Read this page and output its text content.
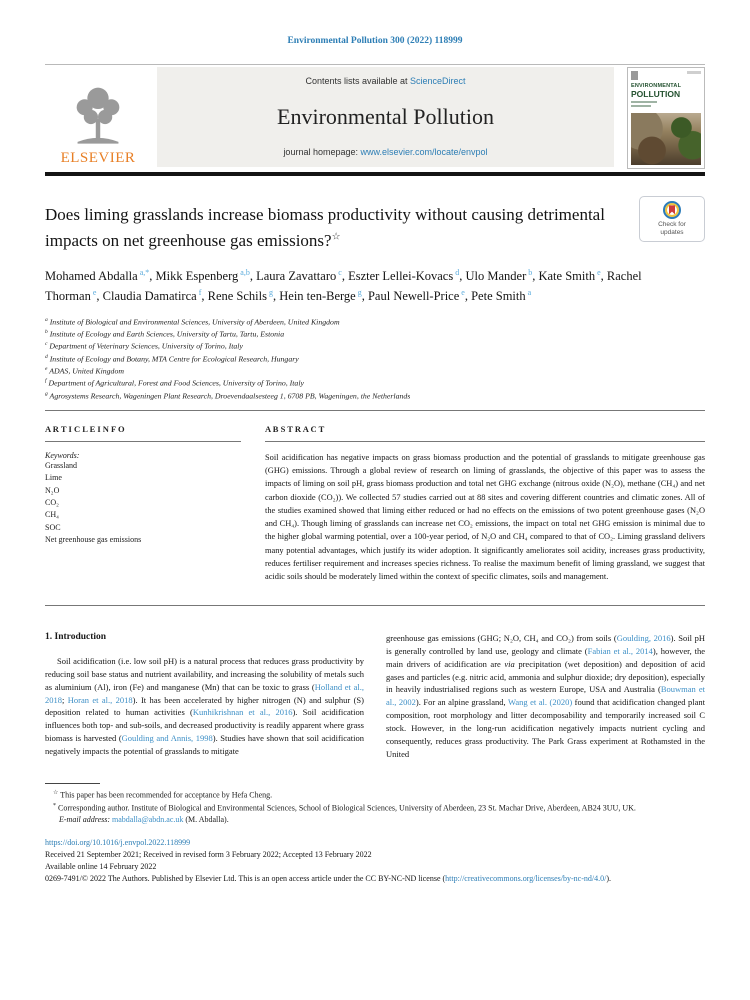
Environmental Pollution 300 (2022) 118999
ELSEVIER
Contents lists available at ScienceDirect
Environmental Pollution
journal homepage: www.elsevier.com/locate/envpol
ENVIRONMENTAL
POLLUTION
Does liming grasslands increase biomass productivity without causing detrimental impacts on net greenhouse gas emissions?☆
Check for updates
Mohamed Abdalla $^{a,*}$, Mikk Espenberg $^{a,b}$, Laura Zavattaro $^c$, Eszter Lellei-Kovacs $^d$, Ulo Mander $^b$, Kate Smith $^e$, Rachel Thorman $^e$, Claudia Damatirca $^f$, Rene Schils $^g$, Hein ten-Berge $^g$, Paul Newell-Price $^e$, Pete Smith $^a$
$^a$ Institute of Biological and Environmental Sciences, University of Aberdeen, United Kingdom
$^b$ Institute of Ecology and Earth Sciences, University of Tartu, Tartu, Estonia
$^c$ Department of Veterinary Sciences, University of Torino, Italy
$^d$ Institute of Ecology and Botany, MTA Centre for Ecological Research, Hungary
$^e$ ADAS, United Kingdom
$^f$ Department of Agricultural, Forest and Food Sciences, University of Torino, Italy
$^g$ Agrosystems Research, Wageningen Plant Research, Droevendaalsesteeg 1, 6708 PB, Wageningen, the Netherlands
A R T I C L E I N F O
Keywords:
Grassland
Lime
N₂O
CO₂
CH₄
SOC
Net greenhouse gas emissions
A B S T R A C T
Soil acidification has negative impacts on grass biomass production and the potential of grasslands to mitigate greenhouse gas (GHG) emissions. Through a global review of research on liming of grasslands, the objective of this paper was to assess the impacts of liming on soil pH, grass biomass production and total net GHG exchange (nitrous oxide (N₂O), methane (CH₄) and net carbon dioxide (CO₂)). We collected 57 studies carried out at 88 sites and covering different countries and climatic zones. All of the studies examined showed that liming either reduced or had no effects on the emissions of two potent greenhouse gases (N₂O and CH₄). Though liming of grasslands can increase net CO₂ emissions, the impact on total net GHG emission is minimal due to the higher global warming potential, over a 100-year period, of N₂O and CH₄ compared to that of CO₂. Liming grassland delivers many potential advantages, which justify its wider adoption. It significantly ameliorates soil acidity, increases grass productivity, reduces fertiliser requirement and increases species richness. To realise the maximum benefit of liming grassland, we suggest that acidic soils should be moderately limed within the context of specific climates, soils and management.
1. Introduction
Soil acidification (i.e. low soil pH) is a natural process that reduces grass productivity by reducing soil base status and nutrient availability, and increasing the solubility of metals such as aluminium (Al), iron (Fe) and manganese (Mn) that can be toxic to grass (Holland et al., 2018; Horan et al., 2018). It has been accelerated by higher nitrogen (N) and sulphur (S) deposition related to human activities (Kunhikrishnan et al., 2016). Soil acidification influences both top- and sub-soils, and decreased productivity is readily apparent where grass biomass is harvested (Goulding and Annis, 1998). Studies have shown that soil acidification negatively impacts the potential of grasslands to mitigate
greenhouse gas emissions (GHG; N₂O, CH₄ and CO₂) from soils (Goulding, 2016). Soil pH is generally controlled by land use, geology and climate (Fabian et al., 2014), however, the main drivers of acidification are via precipitation (wet deposition) and deposition of acid gases and particles (e.g. nitric acid, ammonia and sulphur dioxide; dry deposition), especially in heavily industrialised regions such as western Europe, USA and Australia (Bouwman et al., 2002). For an alpine grassland, Wang et al. (2020) found that acidification changed plant composition, root morphology and litter decomposability and temporarily increased soil C stock. However, in the long-run acidification negatively impacts nutrient cycling and consequently, reduces grass productivity. The Park Grass experiment at Rothamsted in the United
☆ This paper has been recommended for acceptance by Hefa Cheng.
* Corresponding author. Institute of Biological and Environmental Sciences, School of Biological Sciences, University of Aberdeen, 23 St. Machar Drive, Aberdeen, AB24 3UU, UK.
E-mail address: mabdalla@abdn.ac.uk (M. Abdalla).
https://doi.org/10.1016/j.envpol.2022.118999
Received 21 September 2021; Received in revised form 3 February 2022; Accepted 13 February 2022
Available online 14 February 2022
0269-7491/© 2022 The Authors. Published by Elsevier Ltd. This is an open access article under the CC BY-NC-ND license (http://creativecommons.org/licenses/by-nc-nd/4.0/).
